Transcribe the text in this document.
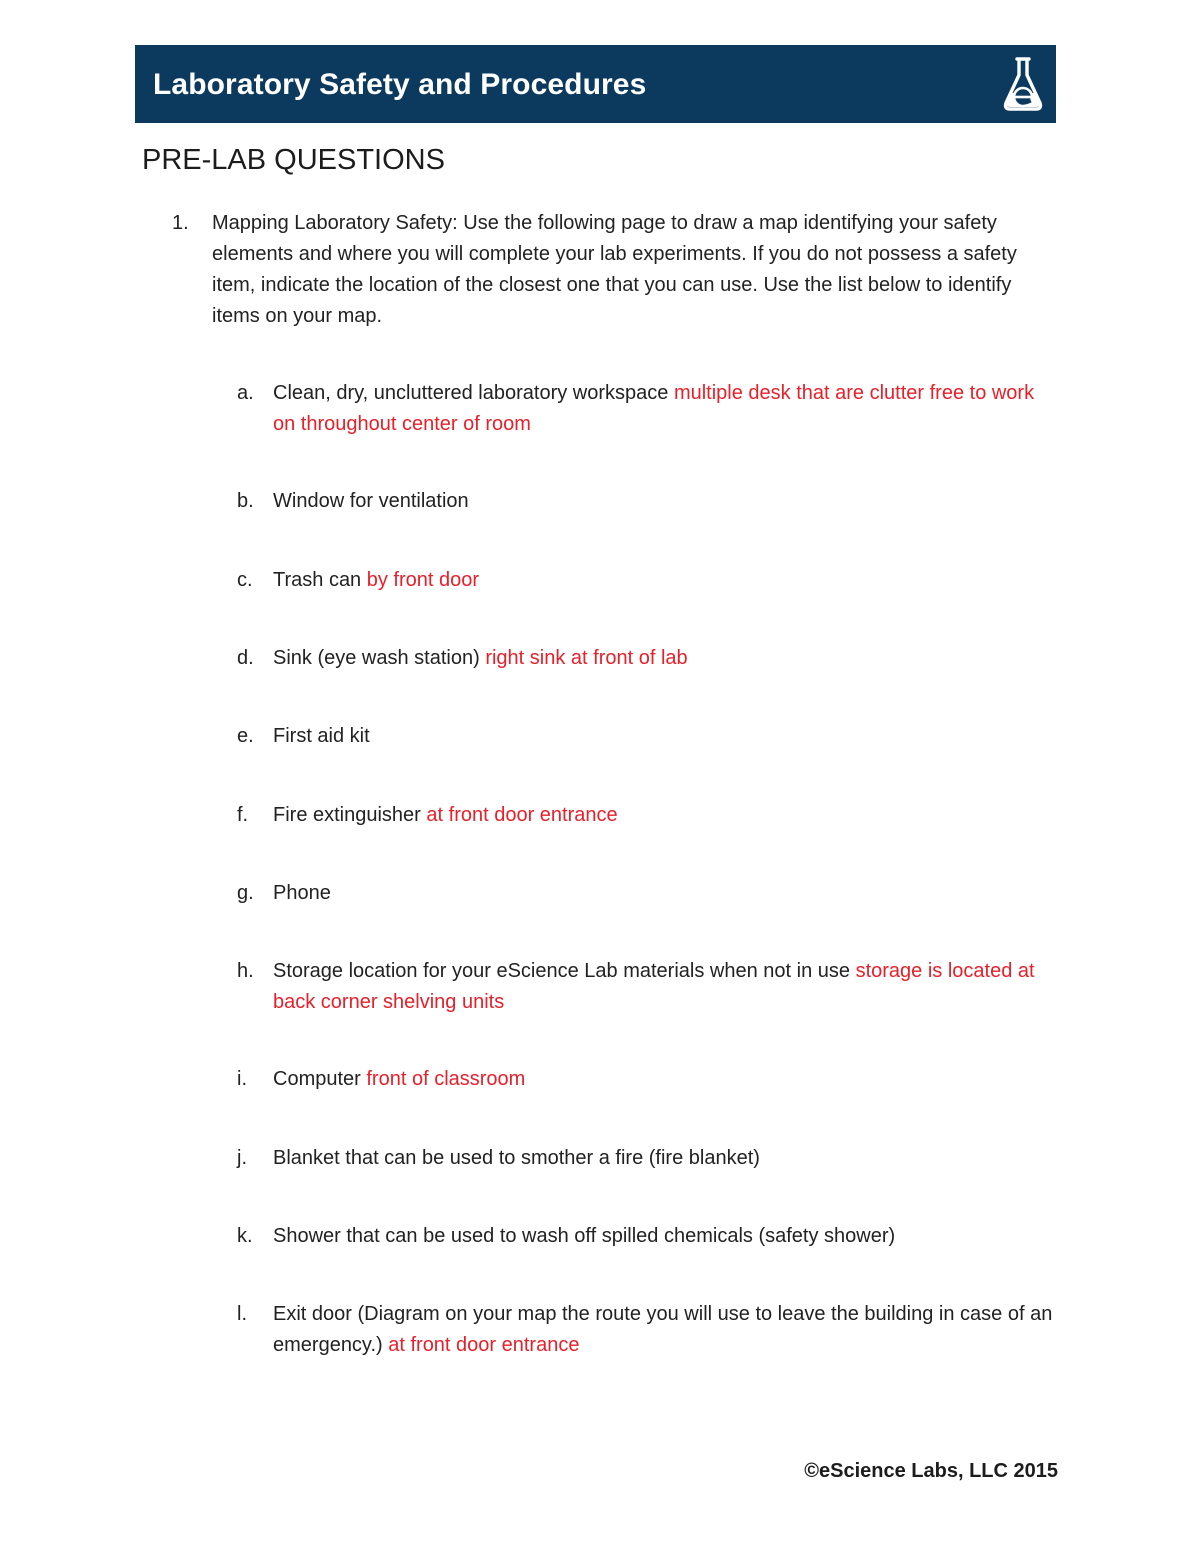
Laboratory Safety and Procedures
PRE-LAB QUESTIONS
1. Mapping Laboratory Safety: Use the following page to draw a map identifying your safety elements and where you will complete your lab experiments. If you do not possess a safety item, indicate the location of the closest one that you can use. Use the list below to identify items on your map.
a. Clean, dry, uncluttered laboratory workspace multiple desk that are clutter free to work on throughout center of room
b. Window for ventilation
c. Trash can by front door
d. Sink (eye wash station) right sink at front of lab
e. First aid kit
f. Fire extinguisher at front door entrance
g. Phone
h. Storage location for your eScience Lab materials when not in use storage is located at back corner shelving units
i. Computer front of classroom
j. Blanket that can be used to smother a fire (fire blanket)
k. Shower that can be used to wash off spilled chemicals (safety shower)
l. Exit door (Diagram on your map the route you will use to leave the building in case of an emergency.) at front door entrance
©eScience Labs, LLC 2015
